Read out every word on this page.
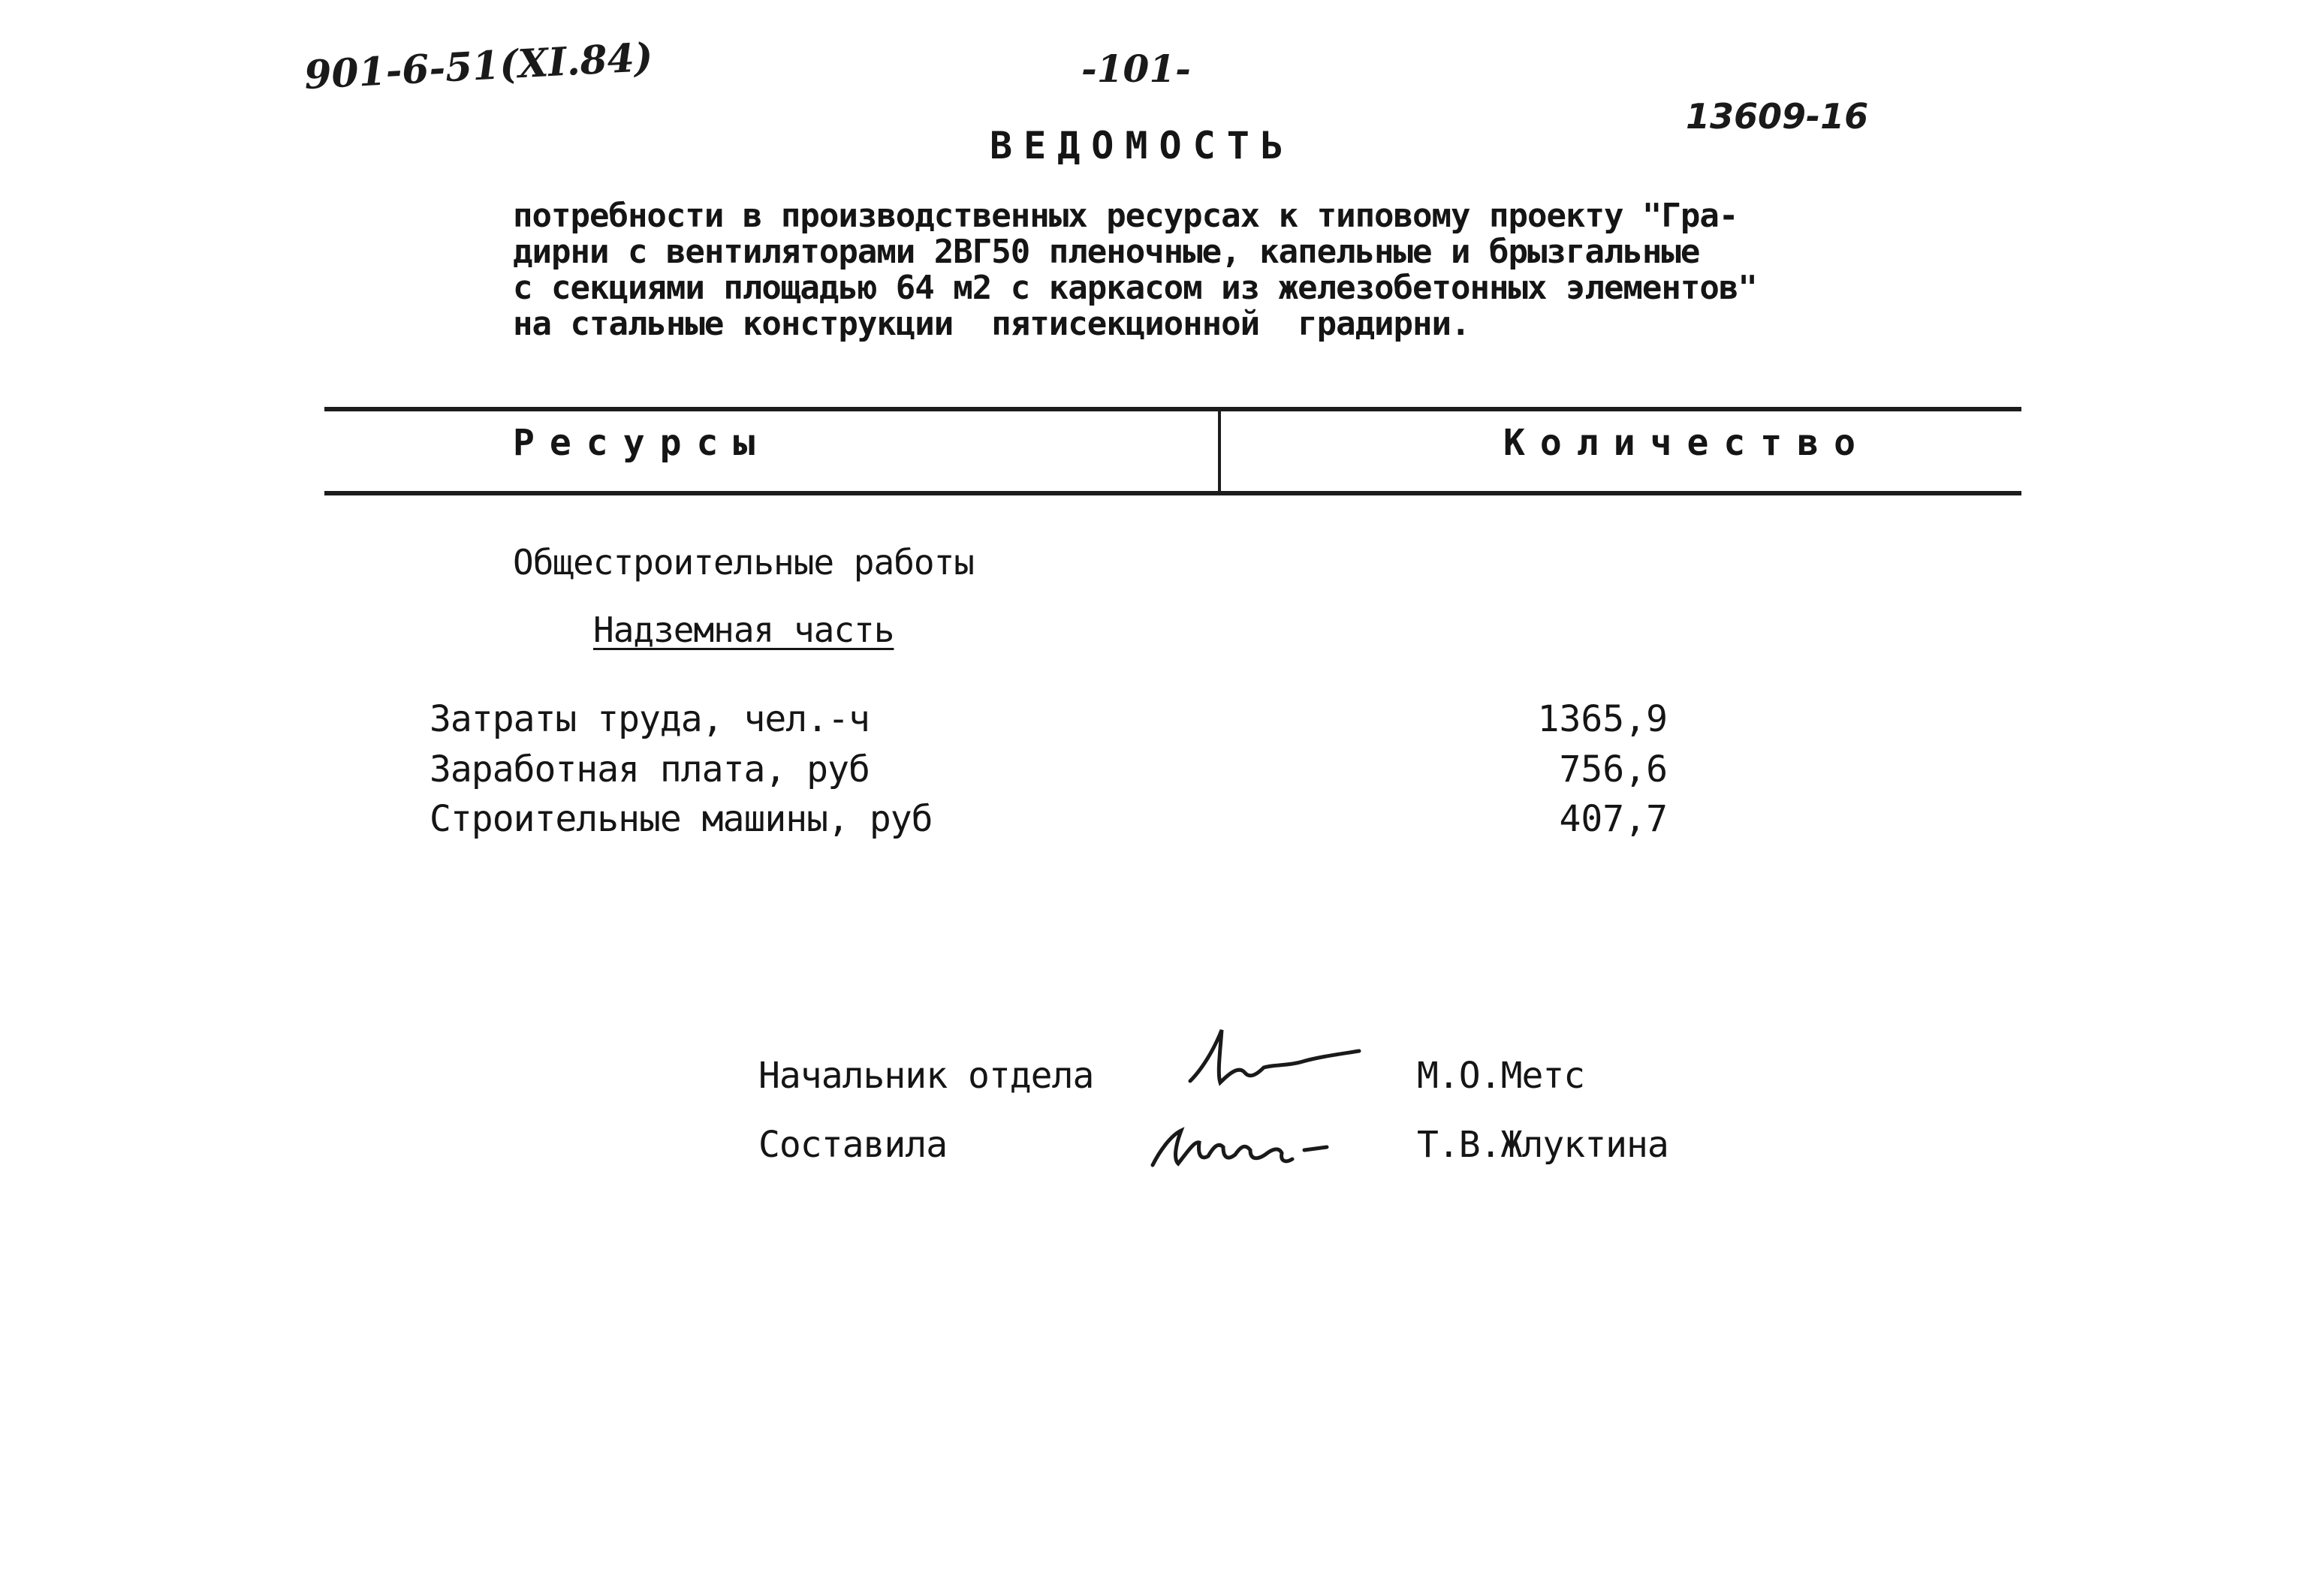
901-6-51(XI.84)	-101-
13609-16
ВЕДОМОСТЬ
потребности в производственных ресурсах к типовому проекту "Гра-
дирни с вентиляторами 2ВГ50 пленочные, капельные и брызгальные
с секциями площадью 64 м2 с каркасом из железобетонных элементов"
на стальные конструкции  пятисекционной  градирни.
Ресурсы	Количество
Общестроительные работы
Надземная часть
Затраты труда, чел.-ч	1365,9
Заработная плата, руб	756,6
Строительные машины, руб	407,7
Начальник отдела	М.О.Метс
Составила	Т.В.Жлуктина
